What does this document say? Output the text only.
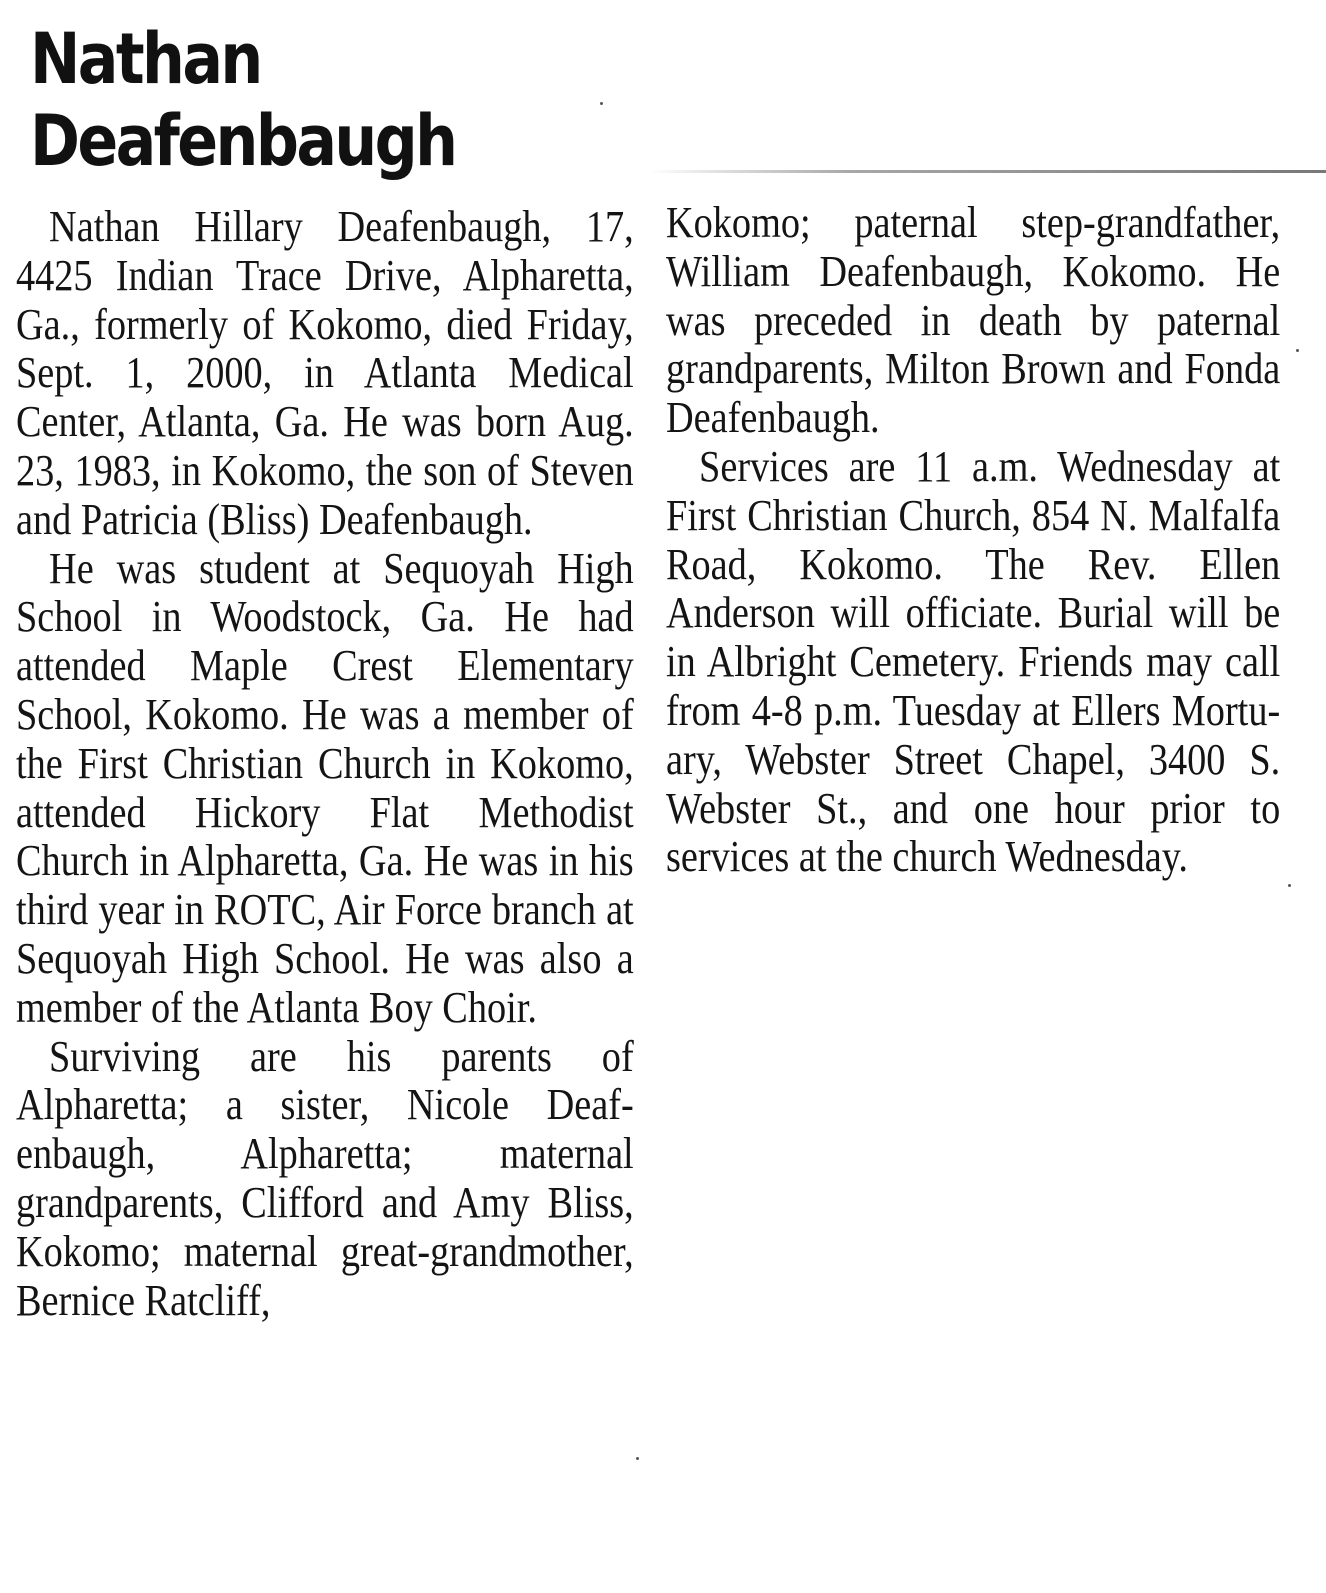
Nathan
Deafenbaugh

Nathan Hillary Deafenbaugh, 17, 4425 Indian Trace Drive, Alpharetta, Ga., formerly of Kokomo, died Friday, Sept. 1, 2000, in Atlanta Medical Center, Atlanta, Ga. He was born Aug. 23, 1983, in Kokomo, the son of Steven and Patricia (Bliss) Deafenbaugh.

He was student at Sequoyah High School in Woodstock, Ga. He had attended Maple Crest Elementary School, Kokomo. He was a member of the First Christian Church in Kokomo, attended Hickory Flat Methodist Church in Alpharetta, Ga. He was in his third year in ROTC, Air Force branch at Sequoyah High School. He was also a member of the Atlanta Boy Choir.

Surviving are his parents of Alpharetta; a sister, Nicole Deafenbaugh, Alpharetta; maternal grandparents, Clifford and Amy Bliss, Kokomo; maternal great-grandmother, Bernice Ratcliff,

Kokomo; paternal step-grandfather, William Deafenbaugh, Kokomo. He was preceded in death by paternal grandparents, Milton Brown and Fonda Deafenbaugh.

Services are 11 a.m. Wednesday at First Christian Church, 854 N. Malfalfa Road, Kokomo. The Rev. Ellen Anderson will officiate. Burial will be in Albright Cemetery. Friends may call from 4-8 p.m. Tuesday at Ellers Mortuary, Webster Street Chapel, 3400 S. Webster St., and one hour prior to services at the church Wednesday.
